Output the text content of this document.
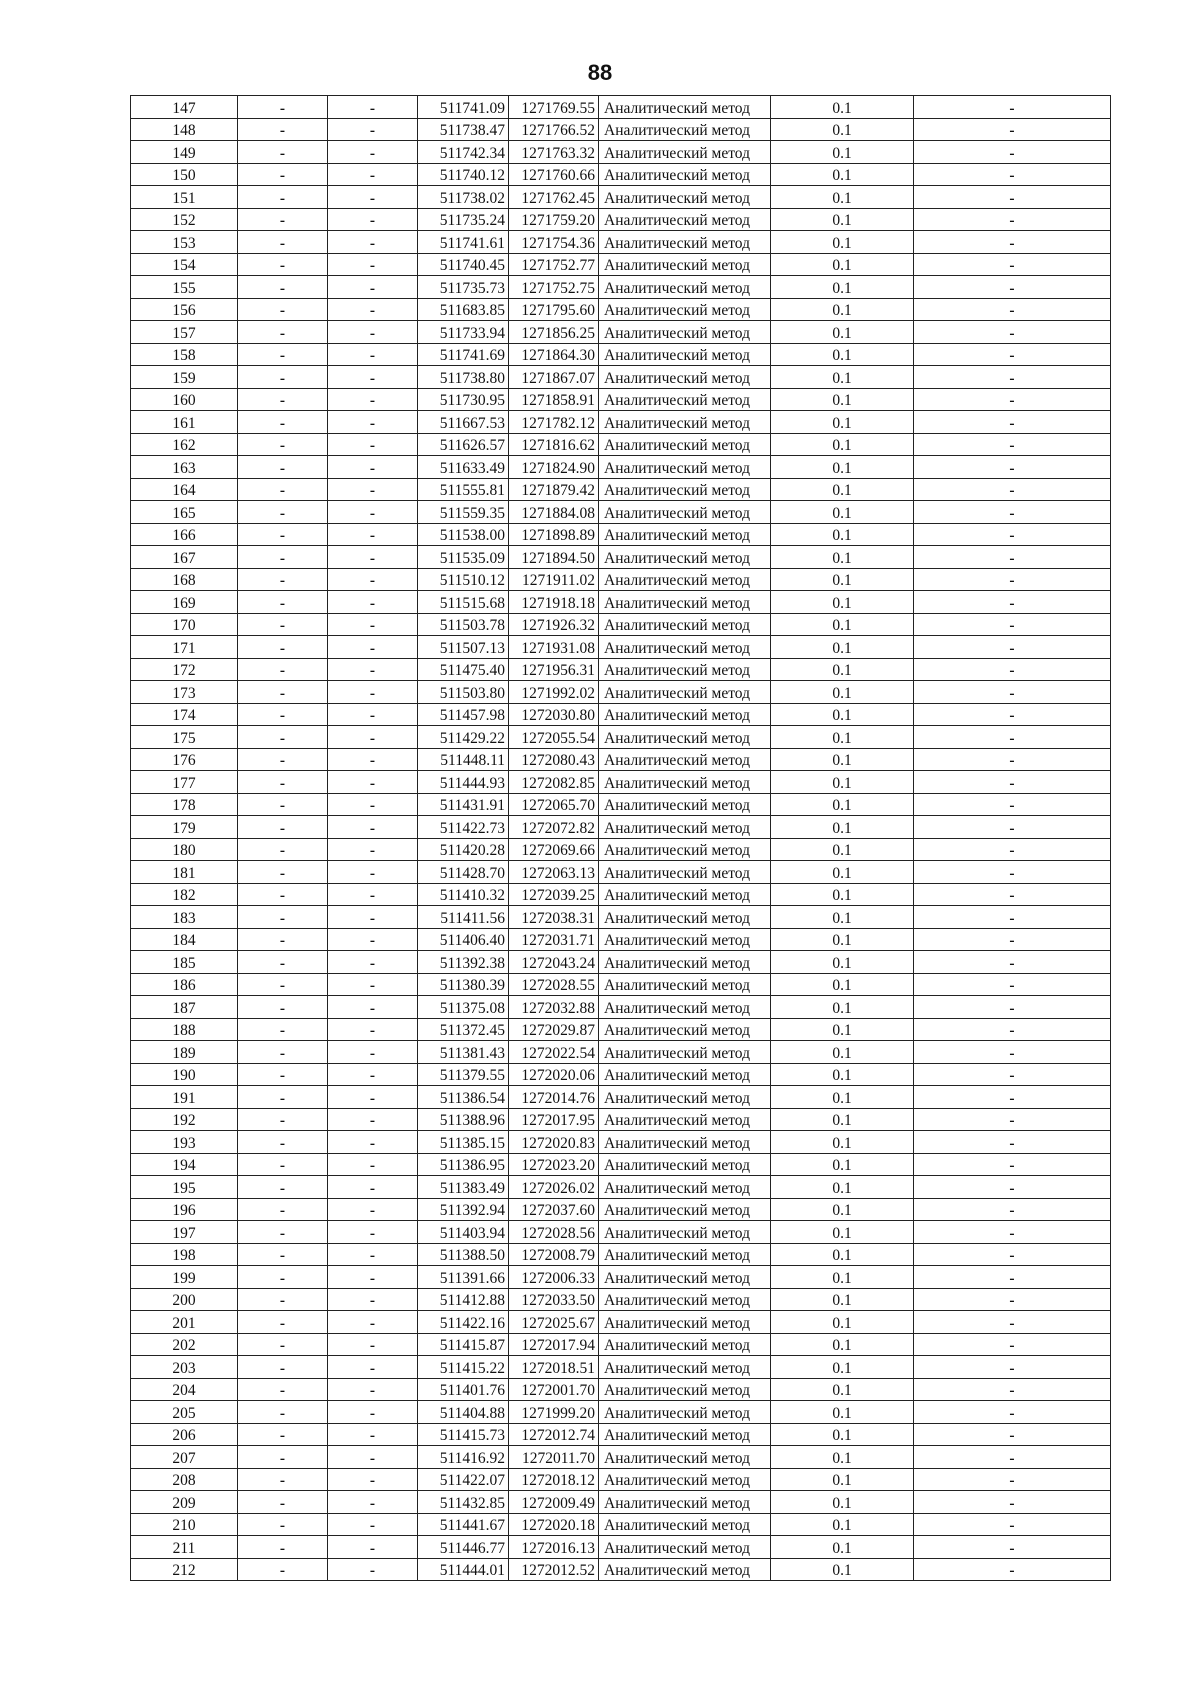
88
147	-	-	511741.09	1271769.55	Аналитический метод	0.1	-
148	-	-	511738.47	1271766.52	Аналитический метод	0.1	-
149	-	-	511742.34	1271763.32	Аналитический метод	0.1	-
150	-	-	511740.12	1271760.66	Аналитический метод	0.1	-
151	-	-	511738.02	1271762.45	Аналитический метод	0.1	-
152	-	-	511735.24	1271759.20	Аналитический метод	0.1	-
153	-	-	511741.61	1271754.36	Аналитический метод	0.1	-
154	-	-	511740.45	1271752.77	Аналитический метод	0.1	-
155	-	-	511735.73	1271752.75	Аналитический метод	0.1	-
156	-	-	511683.85	1271795.60	Аналитический метод	0.1	-
157	-	-	511733.94	1271856.25	Аналитический метод	0.1	-
158	-	-	511741.69	1271864.30	Аналитический метод	0.1	-
159	-	-	511738.80	1271867.07	Аналитический метод	0.1	-
160	-	-	511730.95	1271858.91	Аналитический метод	0.1	-
161	-	-	511667.53	1271782.12	Аналитический метод	0.1	-
162	-	-	511626.57	1271816.62	Аналитический метод	0.1	-
163	-	-	511633.49	1271824.90	Аналитический метод	0.1	-
164	-	-	511555.81	1271879.42	Аналитический метод	0.1	-
165	-	-	511559.35	1271884.08	Аналитический метод	0.1	-
166	-	-	511538.00	1271898.89	Аналитический метод	0.1	-
167	-	-	511535.09	1271894.50	Аналитический метод	0.1	-
168	-	-	511510.12	1271911.02	Аналитический метод	0.1	-
169	-	-	511515.68	1271918.18	Аналитический метод	0.1	-
170	-	-	511503.78	1271926.32	Аналитический метод	0.1	-
171	-	-	511507.13	1271931.08	Аналитический метод	0.1	-
172	-	-	511475.40	1271956.31	Аналитический метод	0.1	-
173	-	-	511503.80	1271992.02	Аналитический метод	0.1	-
174	-	-	511457.98	1272030.80	Аналитический метод	0.1	-
175	-	-	511429.22	1272055.54	Аналитический метод	0.1	-
176	-	-	511448.11	1272080.43	Аналитический метод	0.1	-
177	-	-	511444.93	1272082.85	Аналитический метод	0.1	-
178	-	-	511431.91	1272065.70	Аналитический метод	0.1	-
179	-	-	511422.73	1272072.82	Аналитический метод	0.1	-
180	-	-	511420.28	1272069.66	Аналитический метод	0.1	-
181	-	-	511428.70	1272063.13	Аналитический метод	0.1	-
182	-	-	511410.32	1272039.25	Аналитический метод	0.1	-
183	-	-	511411.56	1272038.31	Аналитический метод	0.1	-
184	-	-	511406.40	1272031.71	Аналитический метод	0.1	-
185	-	-	511392.38	1272043.24	Аналитический метод	0.1	-
186	-	-	511380.39	1272028.55	Аналитический метод	0.1	-
187	-	-	511375.08	1272032.88	Аналитический метод	0.1	-
188	-	-	511372.45	1272029.87	Аналитический метод	0.1	-
189	-	-	511381.43	1272022.54	Аналитический метод	0.1	-
190	-	-	511379.55	1272020.06	Аналитический метод	0.1	-
191	-	-	511386.54	1272014.76	Аналитический метод	0.1	-
192	-	-	511388.96	1272017.95	Аналитический метод	0.1	-
193	-	-	511385.15	1272020.83	Аналитический метод	0.1	-
194	-	-	511386.95	1272023.20	Аналитический метод	0.1	-
195	-	-	511383.49	1272026.02	Аналитический метод	0.1	-
196	-	-	511392.94	1272037.60	Аналитический метод	0.1	-
197	-	-	511403.94	1272028.56	Аналитический метод	0.1	-
198	-	-	511388.50	1272008.79	Аналитический метод	0.1	-
199	-	-	511391.66	1272006.33	Аналитический метод	0.1	-
200	-	-	511412.88	1272033.50	Аналитический метод	0.1	-
201	-	-	511422.16	1272025.67	Аналитический метод	0.1	-
202	-	-	511415.87	1272017.94	Аналитический метод	0.1	-
203	-	-	511415.22	1272018.51	Аналитический метод	0.1	-
204	-	-	511401.76	1272001.70	Аналитический метод	0.1	-
205	-	-	511404.88	1271999.20	Аналитический метод	0.1	-
206	-	-	511415.73	1272012.74	Аналитический метод	0.1	-
207	-	-	511416.92	1272011.70	Аналитический метод	0.1	-
208	-	-	511422.07	1272018.12	Аналитический метод	0.1	-
209	-	-	511432.85	1272009.49	Аналитический метод	0.1	-
210	-	-	511441.67	1272020.18	Аналитический метод	0.1	-
211	-	-	511446.77	1272016.13	Аналитический метод	0.1	-
212	-	-	511444.01	1272012.52	Аналитический метод	0.1	-
